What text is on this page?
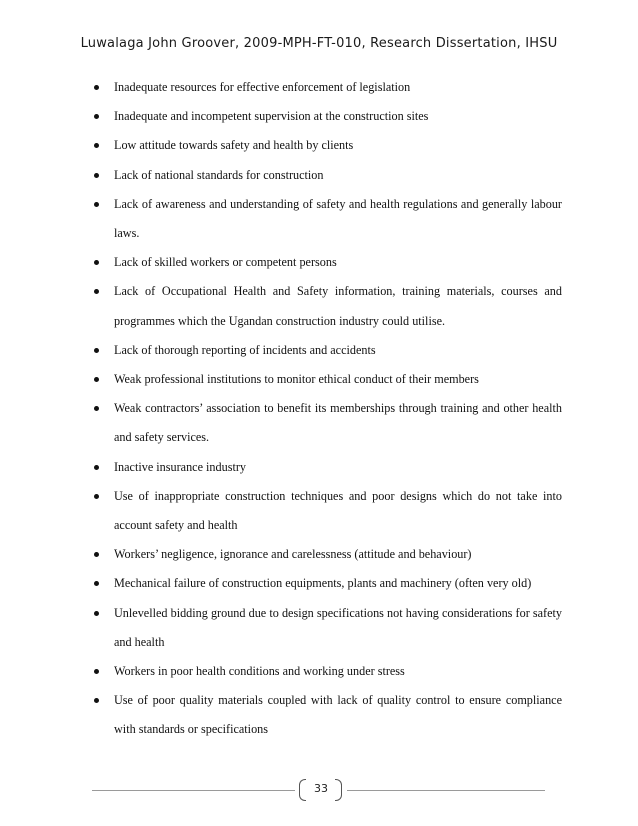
Luwalaga John Groover, 2009-MPH-FT-010, Research Dissertation, IHSU
Inadequate resources for effective enforcement of legislation
Inadequate and incompetent supervision at the construction sites
Low attitude towards safety and health by clients
Lack of national standards for construction
Lack of awareness and understanding of safety and health regulations and generally labour laws.
Lack of skilled workers or competent persons
Lack of Occupational Health and Safety information, training materials, courses and programmes which the Ugandan construction industry could utilise.
Lack of thorough reporting of incidents and accidents
Weak professional institutions to monitor ethical conduct of their members
Weak contractors’ association to benefit its memberships through training and other health and safety services.
Inactive insurance industry
Use of inappropriate construction techniques and poor designs which do not take into account safety and health
Workers’ negligence, ignorance and carelessness (attitude and behaviour)
Mechanical failure of construction equipments, plants and machinery (often very old)
Unlevelled bidding ground due to design specifications not having considerations for safety and health
Workers in poor health conditions and working under stress
Use of poor quality materials coupled with lack of quality control to ensure compliance with standards or specifications
33
